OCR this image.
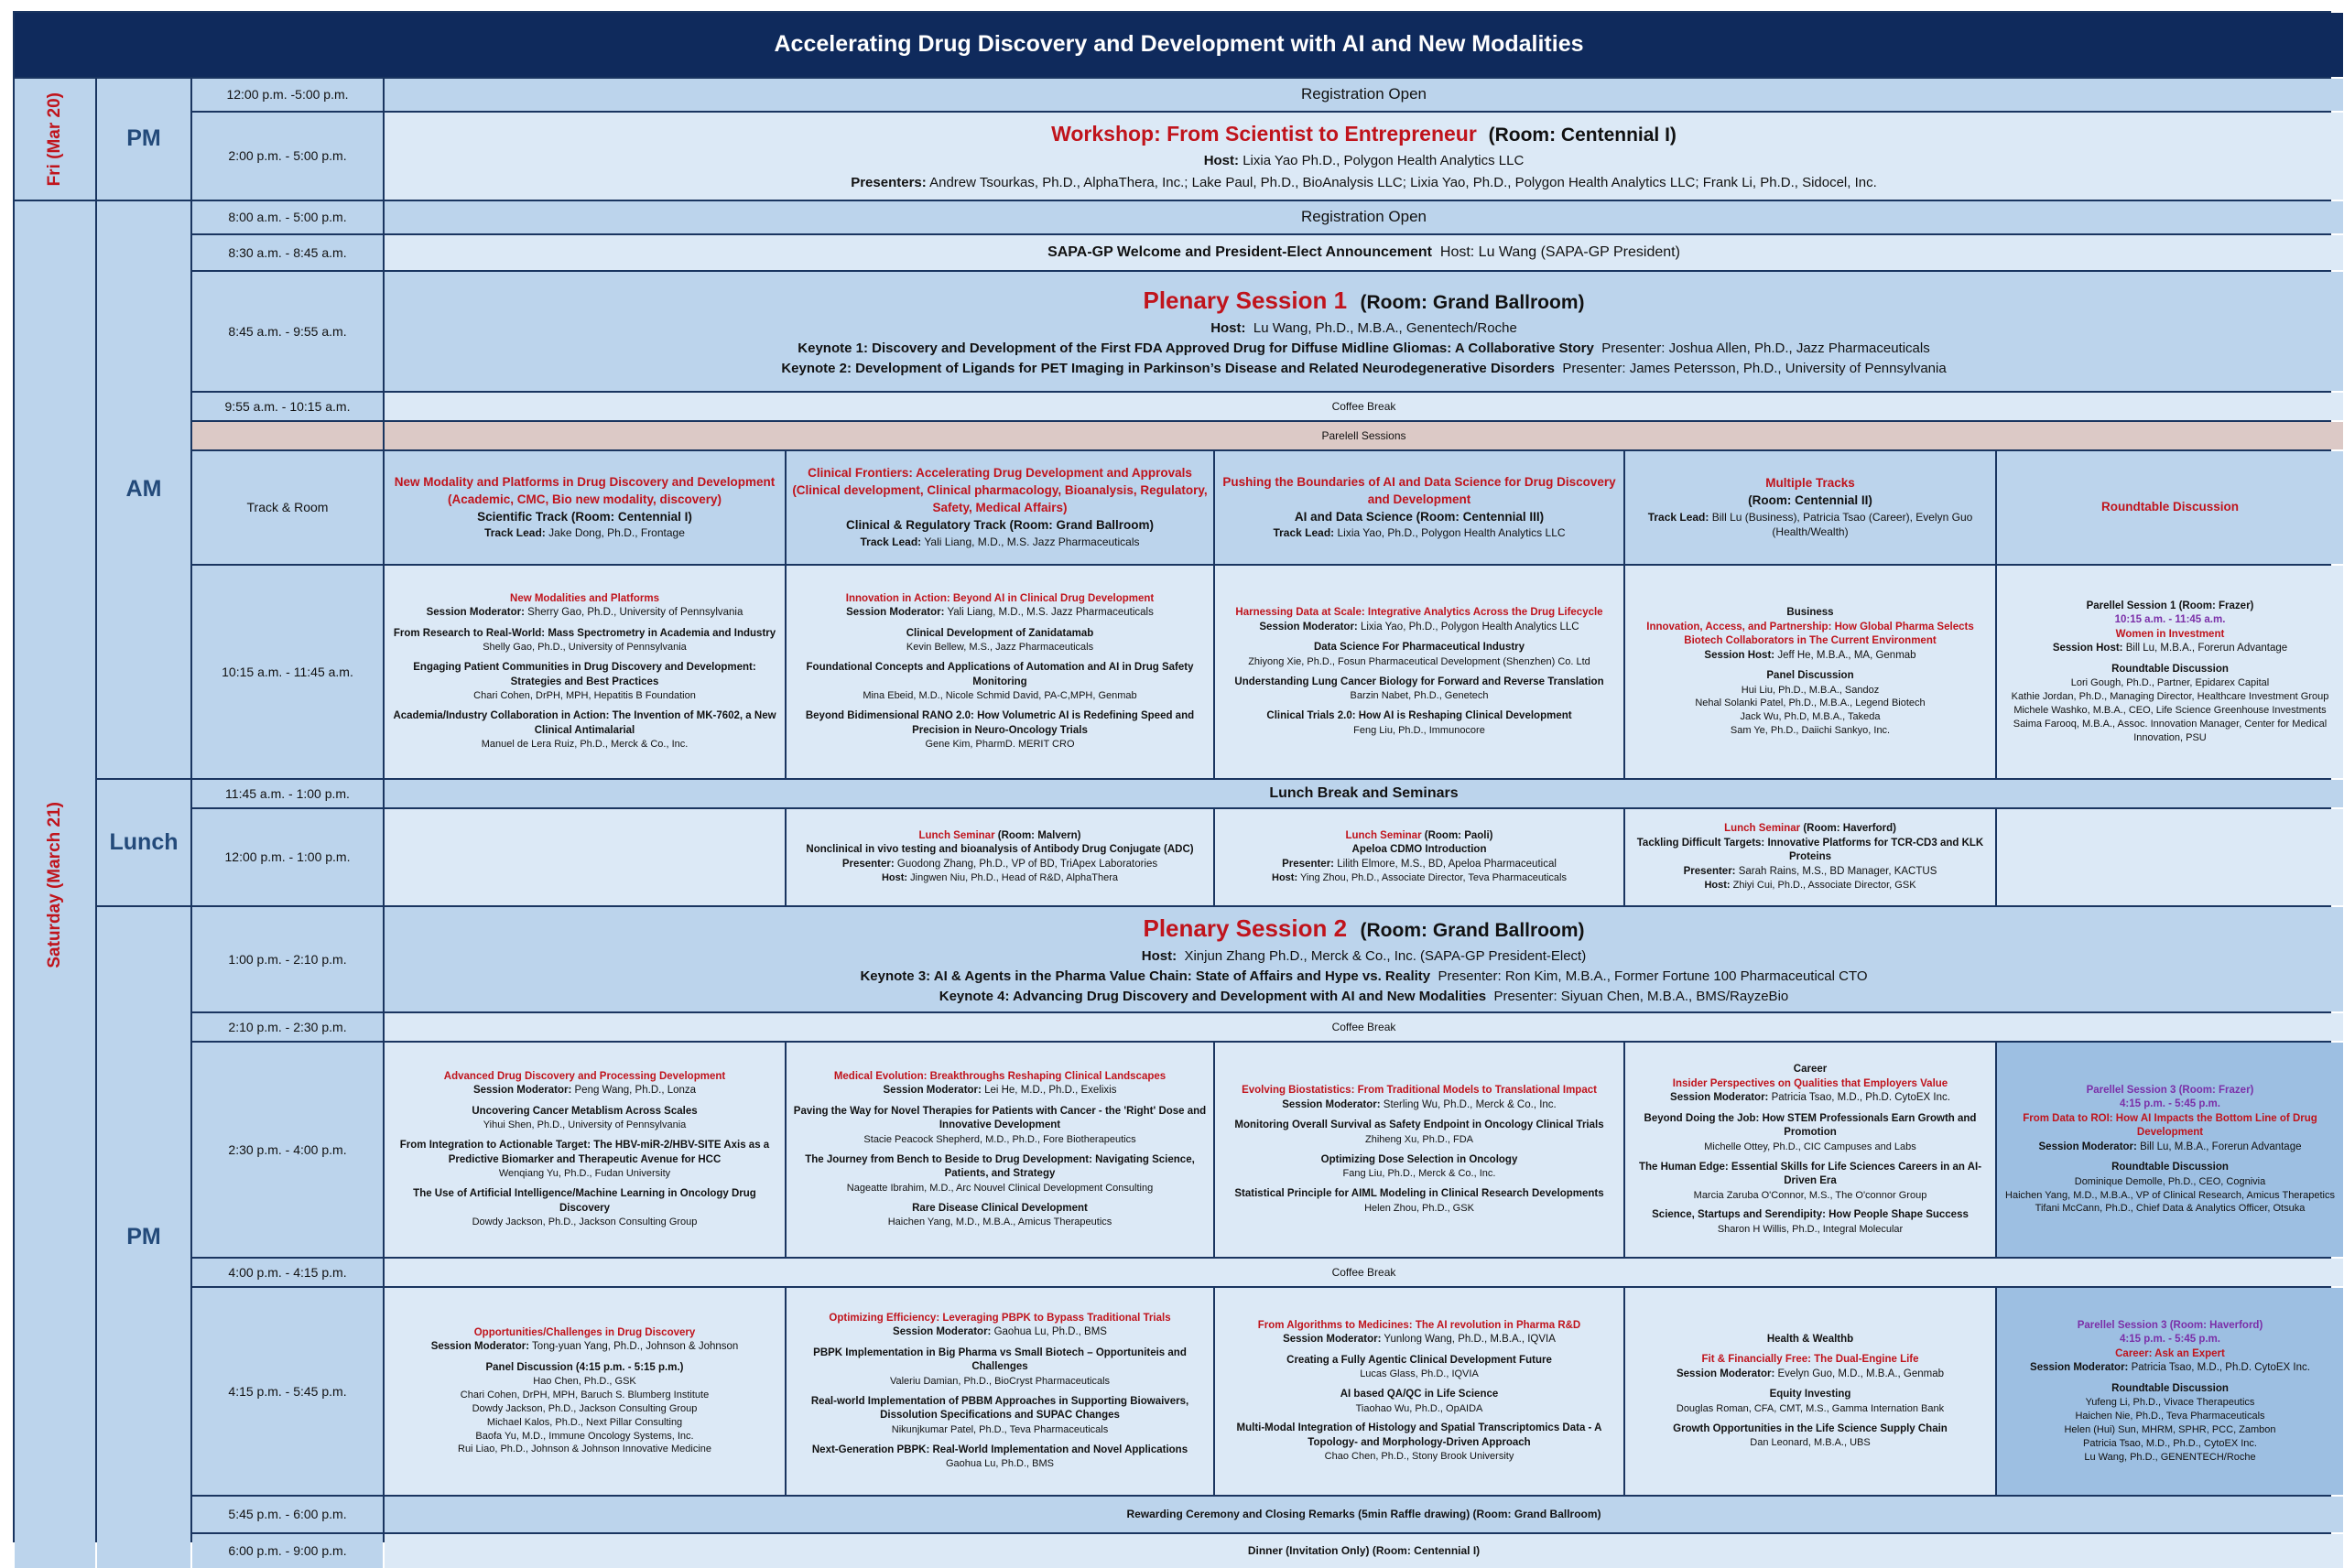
Accelerating Drug Discovery and Development with AI and New Modalities
Fri (Mar 20)
Saturday (March 21)
PM
AM
Lunch
PM
12:00 p.m. -5:00 p.m.
2:00 p.m. - 5:00 p.m.
8:00 a.m. - 5:00 p.m.
8:30 a.m. - 8:45 a.m.
8:45 a.m. - 9:55 a.m.
9:55 a.m. - 10:15 a.m.
Track & Room
10:15 a.m. - 11:45 a.m.
11:45 a.m. - 1:00 p.m.
12:00 p.m. - 1:00 p.m.
1:00 p.m. - 2:10 p.m.
2:10 p.m. - 2:30 p.m.
2:30 p.m. - 4:00 p.m.
4:00 p.m. - 4:15 p.m.
4:15 p.m. - 5:45 p.m.
5:45 p.m. - 6:00 p.m.
6:00 p.m. - 9:00 p.m.
Registration Open
Workshop: From Scientist to Entrepreneur (Room: Centennial I)
Host: Lixia Yao Ph.D., Polygon Health Analytics LLC
Presenters: Andrew Tsourkas, Ph.D., AlphaThera, Inc.; Lake Paul, Ph.D., BioAnalysis LLC; Lixia Yao, Ph.D., Polygon Health Analytics LLC; Frank Li, Ph.D., Sidocel, Inc.
Registration Open
SAPA-GP Welcome and President-Elect Announcement Host: Lu Wang (SAPA-GP President)
Plenary Session 1 (Room: Grand Ballroom)
Host: Lu Wang, Ph.D., M.B.A., Genentech/Roche
Keynote 1: Discovery and Development of the First FDA Approved Drug for Diffuse Midline Gliomas: A Collaborative Story Presenter: Joshua Allen, Ph.D., Jazz Pharmaceuticals
Keynote 2: Development of Ligands for PET Imaging in Parkinson’s Disease and Related Neurodegenerative Disorders Presenter: James Petersson, Ph.D., University of Pennsylvania
Coffee Break
Parelell Sessions
New Modality and Platforms in Drug Discovery and Development
(Academic, CMC, Bio new modality, discovery)
Scientific Track (Room: Centennial I)
Track Lead: Jake Dong, Ph.D., Frontage
Clinical Frontiers: Accelerating Drug Development and Approvals (Clinical development, Clinical pharmacology, Bioanalysis, Regulatory, Safety, Medical Affairs)
Clinical & Regulatory Track (Room: Grand Ballroom)
Track Lead: Yali Liang, M.D., M.S. Jazz Pharmaceuticals
Pushing the Boundaries of AI and Data Science for Drug Discovery and Development
AI and Data Science (Room: Centennial III)
Track Lead: Lixia Yao, Ph.D., Polygon Health Analytics LLC
Multiple Tracks
(Room: Centennial II)
Track Lead: Bill Lu (Business), Patricia Tsao (Career), Evelyn Guo (Health/Wealth)
Roundtable Discussion
New Modalities and Platforms
Session Moderator: Sherry Gao, Ph.D., University of Pennsylvania
From Research to Real-World: Mass Spectrometry in Academia and Industry
Shelly Gao, Ph.D., University of Pennsylvania
Engaging Patient Communities in Drug Discovery and Development: Strategies and Best Practices
Chari Cohen, DrPH, MPH, Hepatitis B Foundation
Academia/Industry Collaboration in Action: The Invention of MK-7602, a New Clinical Antimalarial
Manuel de Lera Ruiz, Ph.D., Merck & Co., Inc.
Innovation in Action: Beyond AI in Clinical Drug Development
Session Moderator: Yali Liang, M.D., M.S. Jazz Pharmaceuticals
Clinical Development of Zanidatamab
Kevin Bellew, M.S., Jazz Pharmaceuticals
Foundational Concepts and Applications of Automation and AI in Drug Safety Monitoring
Mina Ebeid, M.D., Nicole Schmid David, PA-C,MPH, Genmab
Beyond Bidimensional RANO 2.0: How Volumetric AI is Redefining Speed and Precision in Neuro-Oncology Trials
Gene Kim, PharmD. MERIT CRO
Harnessing Data at Scale: Integrative Analytics Across the Drug Lifecycle
Session Moderator: Lixia Yao, Ph.D., Polygon Health Analytics LLC
Data Science For Pharmaceutical Industry
Zhiyong Xie, Ph.D., Fosun Pharmaceutical Development (Shenzhen) Co. Ltd
Understanding Lung Cancer Biology for Forward and Reverse Translation
Barzin Nabet, Ph.D., Genetech
Clinical Trials 2.0: How AI is Reshaping Clinical Development
Feng Liu, Ph.D., Immunocore
Business
Innovation, Access, and Partnership: How Global Pharma Selects Biotech Collaborators in The Current Environment
Session Host: Jeff He, M.B.A., MA, Genmab
Panel Discussion
Hui Liu, Ph.D., M.B.A., Sandoz
Nehal Solanki Patel, Ph.D., M.B.A., Legend Biotech
Jack Wu, Ph.D, M.B.A., Takeda
Sam Ye, Ph.D., Daiichi Sankyo, Inc.
Parellel Session 1 (Room: Frazer)
10:15 a.m. - 11:45 a.m.
Women in Investment
Session Host: Bill Lu, M.B.A., Forerun Advantage
Roundtable Discussion
Lori Gough, Ph.D., Partner, Epidarex Capital
Kathie Jordan, Ph.D., Managing Director, Healthcare Investment Group
Michele Washko, M.B.A., CEO, Life Science Greenhouse Investments
Saima Farooq, M.B.A., Assoc. Innovation Manager, Center for Medical Innovation, PSU
Lunch Break and Seminars
Lunch Seminar (Room: Malvern)
Nonclinical in vivo testing and bioanalysis of Antibody Drug Conjugate (ADC)
Presenter: Guodong Zhang, Ph.D., VP of BD, TriApex Laboratories
Host: Jingwen Niu, Ph.D., Head of R&D, AlphaThera
Lunch Seminar (Room: Paoli)
Apeloa CDMO Introduction
Presenter: Lilith Elmore, M.S., BD, Apeloa Pharmaceutical
Host: Ying Zhou, Ph.D., Associate Director, Teva Pharmaceuticals
Lunch Seminar (Room: Haverford)
Tackling Difficult Targets: Innovative Platforms for TCR-CD3 and KLK Proteins
Presenter: Sarah Rains, M.S., BD Manager, KACTUS
Host: Zhiyi Cui, Ph.D., Associate Director, GSK
Plenary Session 2 (Room: Grand Ballroom)
Host: Xinjun Zhang Ph.D., Merck & Co., Inc. (SAPA-GP President-Elect)
Keynote 3: AI & Agents in the Pharma Value Chain: State of Affairs and Hype vs. Reality Presenter: Ron Kim, M.B.A., Former Fortune 100 Pharmaceutical CTO
Keynote 4: Advancing Drug Discovery and Development with AI and New Modalities Presenter: Siyuan Chen, M.B.A., BMS/RayzeBio
Coffee Break
Advanced Drug Discovery and Processing Development
Session Moderator: Peng Wang, Ph.D., Lonza
Uncovering Cancer Metablism Across Scales
Yihui Shen, Ph.D., University of Pennsylvania
From Integration to Actionable Target: The HBV-miR-2/HBV-SITE Axis as a Predictive Biomarker and Therapeutic Avenue for HCC
Wenqiang Yu, Ph.D., Fudan University
The Use of Artificial Intelligence/Machine Learning in Oncology Drug Discovery
Dowdy Jackson, Ph.D., Jackson Consulting Group
Medical Evolution: Breakthroughs Reshaping Clinical Landscapes
Session Moderator: Lei He, M.D., Ph.D., Exelixis
Paving the Way for Novel Therapies for Patients with Cancer - the 'Right' Dose and Innovative Development
Stacie Peacock Shepherd, M.D., Ph.D., Fore Biotherapeutics
The Journey from Bench to Beside to Drug Development: Navigating Science, Patients, and Strategy
Nageatte Ibrahim, M.D., Arc Nouvel Clinical Development Consulting
Rare Disease Clinical Development
Haichen Yang, M.D., M.B.A., Amicus Therapeutics
Evolving Biostatistics: From Traditional Models to Translational Impact
Session Moderator: Sterling Wu, Ph.D., Merck & Co., Inc.
Monitoring Overall Survival as Safety Endpoint in Oncology Clinical Trials
Zhiheng Xu, Ph.D., FDA
Optimizing Dose Selection in Oncology
Fang Liu, Ph.D., Merck & Co., Inc.
Statistical Principle for AIML Modeling in Clinical Research Developments
Helen Zhou, Ph.D., GSK
Career
Insider Perspectives on Qualities that Employers Value
Session Moderator: Patricia Tsao, M.D., Ph.D. CytoEX Inc.
Beyond Doing the Job: How STEM Professionals Earn Growth and Promotion
Michelle Ottey, Ph.D., CIC Campuses and Labs
The Human Edge: Essential Skills for Life Sciences Careers in an AI-Driven Era
Marcia Zaruba O'Connor, M.S., The O'connor Group
Science, Startups and Serendipity: How People Shape Success
Sharon H Willis, Ph.D., Integral Molecular
Parellel Session 3 (Room: Frazer)
4:15 p.m. - 5:45 p.m.
From Data to ROI: How AI Impacts the Bottom Line of Drug Development
Session Moderator: Bill Lu, M.B.A., Forerun Advantage
Roundtable Discussion
Dominique Demolle, Ph.D., CEO, Cognivia
Haichen Yang, M.D., M.B.A., VP of Clinical Research, Amicus Therapetics
Tifani McCann, Ph.D., Chief Data & Analytics Officer, Otsuka
Coffee Break
Opportunities/Challenges in Drug Discovery
Session Moderator: Tong-yuan Yang, Ph.D., Johnson & Johnson
Panel Discussion (4:15 p.m. - 5:15 p.m.)
Hao Chen, Ph.D., GSK
Chari Cohen, DrPH, MPH, Baruch S. Blumberg Institute
Dowdy Jackson, Ph.D., Jackson Consulting Group
Michael Kalos, Ph.D., Next Pillar Consulting
Baofa Yu, M.D., Immune Oncology Systems, Inc.
Rui Liao, Ph.D., Johnson & Johnson Innovative Medicine
Optimizing Efficiency: Leveraging PBPK to Bypass Traditional Trials
Session Moderator: Gaohua Lu, Ph.D., BMS
PBPK Implementation in Big Pharma vs Small Biotech – Opportuniteis and Challenges
Valeriu Damian, Ph.D., BioCryst Pharmaceuticals
Real-world Implementation of PBBM Approaches in Supporting Biowaivers, Dissolution Specifications and SUPAC Changes
Nikunjkumar Patel, Ph.D., Teva Pharmaceuticals
Next-Generation PBPK: Real-World Implementation and Novel Applications
Gaohua Lu, Ph.D., BMS
From Algorithms to Medicines: The AI revolution in Pharma R&D
Session Moderator: Yunlong Wang, Ph.D., M.B.A., IQVIA
Creating a Fully Agentic Clinical Development Future
Lucas Glass, Ph.D., IQVIA
AI based QA/QC in Life Science
Tiaohao Wu, Ph.D., OpAIDA
Multi-Modal Integration of Histology and Spatial Transcriptomics Data - A Topology- and Morphology-Driven Approach
Chao Chen, Ph.D., Stony Brook University
Health & Wealthb
Fit & Financially Free: The Dual-Engine Life
Session Moderator: Evelyn Guo, M.D., M.B.A., Genmab
Equity Investing
Douglas Roman, CFA, CMT, M.S., Gamma Internation Bank
Growth Opportunities in the Life Science Supply Chain
Dan Leonard, M.B.A., UBS
Parellel Session 3 (Room: Haverford)
4:15 p.m. - 5:45 p.m.
Career: Ask an Expert
Session Moderator: Patricia Tsao, M.D., Ph.D. CytoEX Inc.
Roundtable Discussion
Yufeng Li, Ph.D., Vivace Therapeutics
Haichen Nie, Ph.D., Teva Pharmaceuticals
Helen (Hui) Sun, MHRM, SPHR, PCC, Zambon
Patricia Tsao, M.D., Ph.D., CytoEX Inc.
Lu Wang, Ph.D., GENENTECH/Roche
Rewarding Ceremony and Closing Remarks (5min Raffle drawing) (Room: Grand Ballroom)
Dinner (Invitation Only) (Room: Centennial I)
